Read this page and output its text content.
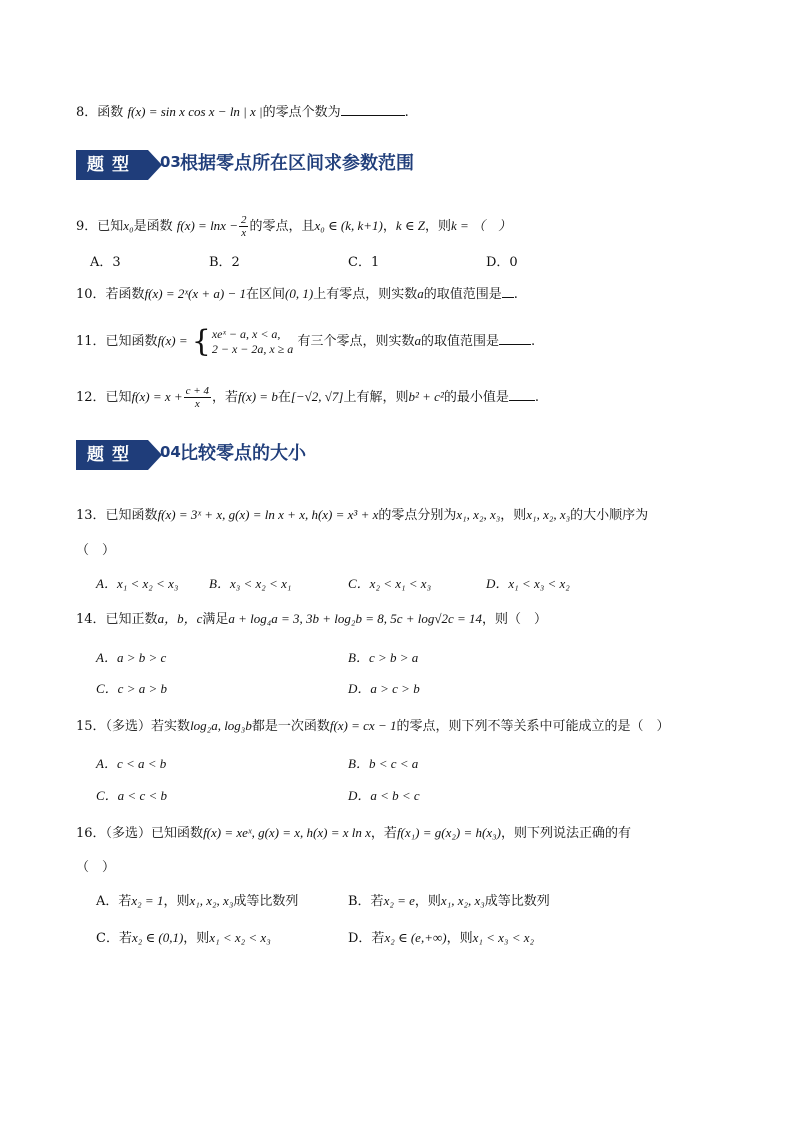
8．函数 f(x) = sin x cos x − ln | x |的零点个数为	.
题型	03 根据零点所在区间求参数范围
9．已知x₀是函数 $f(x) = \ln x - \frac{2}{x}$ 的零点，且x₀ ∈ (k, k+1)，k ∈ Z，则k = （　）
A．3	B．2	C．1	D．0
10．若函数f(x) = 2ˣ(x + a) − 1在区间(0, 1)上有零点，则实数a的取值范围是 .
11．已知函数f(x) = {xeˣ − a, x < a,
2 − x − 2a, x ≥ a 有三个零点，则实数a的取值范围是 .
12．已知$f(x) = x + \frac{c + 4}{x}$ ，若f(x) = b在[−√2, √7]上有解，则b² + c²的最小值是 .
题型	04 比较零点的大小
13．已知函数f(x) = 3ˣ + x, g(x) = ln x + x, h(x) = x³ + x的零点分别为x₁, x₂, x₃，则x₁, x₂, x₃的大小顺序为
（　）
A．x₁ < x₂ < x₃ B．x₃ < x₂ < x₁	C．x₂ < x₁ < x₃	D．x₁ < x₃ < x₂
14．已知正数a，b，c满足a + log₄a = 3, 3b + log₂b = 8, 5c + log√2c = 14，则（　）
A．a > b > c	B．c > b > a
C．c > a > b	D．a > c > b
15．（多选）若实数log₂a, log₃b都是一次函数f(x) = cx − 1的零点，则下列不等关系中可能成立的是（　）
A．c < a < b	B．b < c < a
C．a < c < b	D．a < b < c
16．（多选）已知函数f(x) = xeˣ, g(x) = x, h(x) = x ln x，若f(x₁) = g(x₂) = h(x₃)，则下列说法正确的有
（　）
A．若x₂ = 1，则x₁, x₂, x₃成等比数列	B．若x₂ = e，则x₁, x₂, x₃成等比数列
C．若x₂ ∈ (0,1)，则x₁ < x₂ < x₃	D．若x₂ ∈ (e,+∞)，则x₁ < x₃ < x₂
